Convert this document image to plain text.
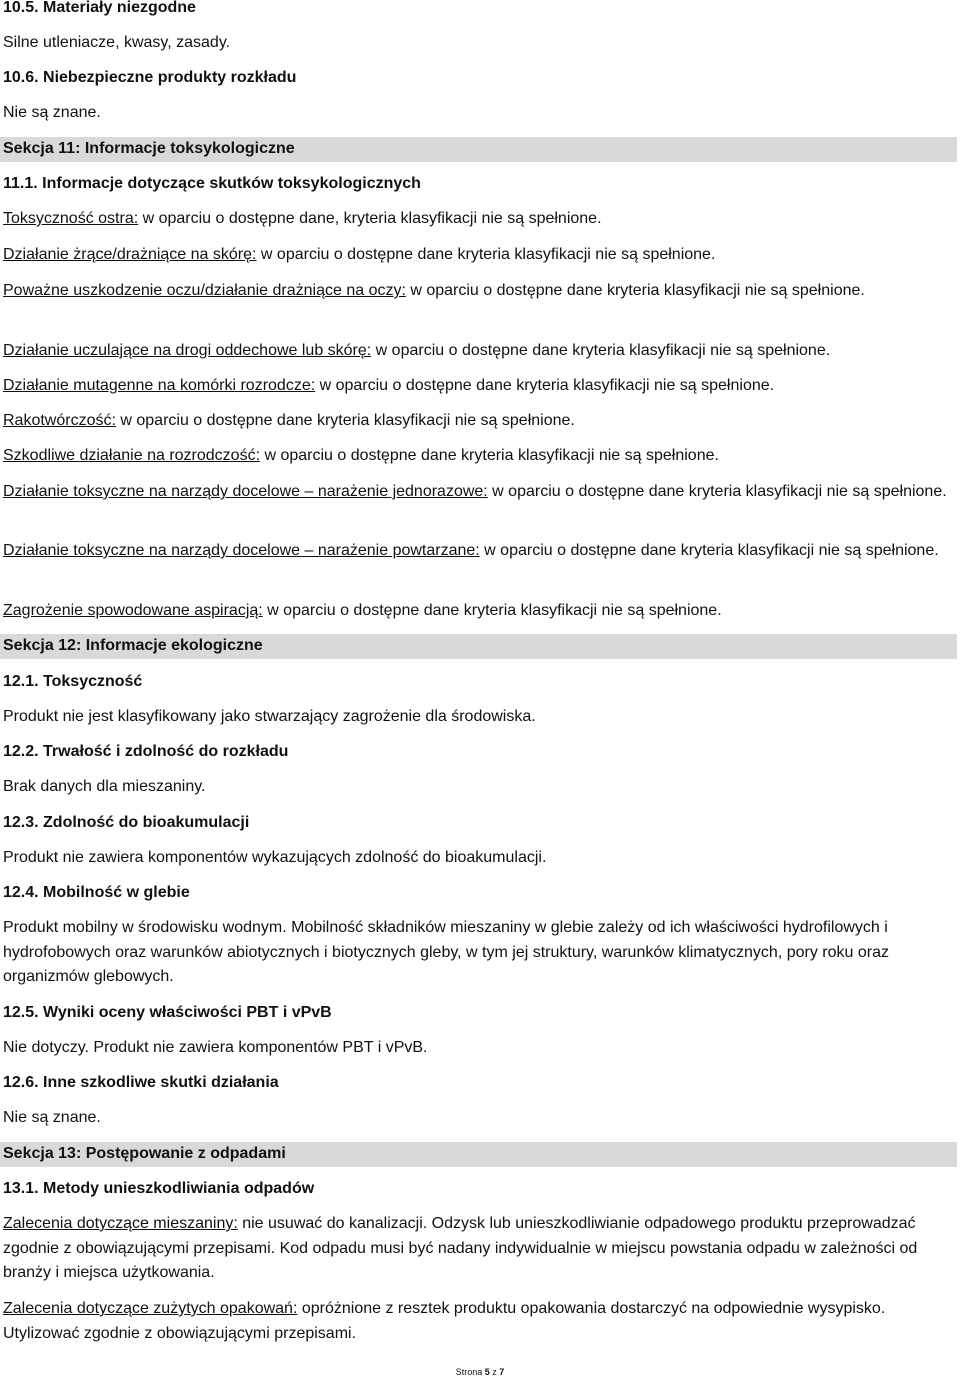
10.5. Materiały niezgodne
Silne utleniacze, kwasy, zasady.
10.6. Niebezpieczne produkty rozkładu
Nie są znane.
Sekcja 11: Informacje toksykologiczne
11.1. Informacje dotyczące skutków toksykologicznych
Toksyczność ostra: w oparciu o dostępne dane, kryteria klasyfikacji nie są spełnione.
Działanie żrące/drażniące na skórę: w oparciu o dostępne dane kryteria klasyfikacji nie są spełnione.
Poważne uszkodzenie oczu/działanie drażniące na oczy: w oparciu o dostępne dane kryteria klasyfikacji nie są spełnione.
Działanie uczulające na drogi oddechowe lub skórę: w oparciu o dostępne dane kryteria klasyfikacji nie są spełnione.
Działanie mutagenne na komórki rozrodcze: w oparciu o dostępne dane kryteria klasyfikacji nie są spełnione.
Rakotwórczość: w oparciu o dostępne dane kryteria klasyfikacji nie są spełnione.
Szkodliwe działanie na rozrodczość: w oparciu o dostępne dane kryteria klasyfikacji nie są spełnione.
Działanie toksyczne na narządy docelowe – narażenie jednorazowe: w oparciu o dostępne dane kryteria klasyfikacji nie są spełnione.
Działanie toksyczne na narządy docelowe – narażenie powtarzane: w oparciu o dostępne dane kryteria klasyfikacji nie są spełnione.
Zagrożenie spowodowane aspiracją: w oparciu o dostępne dane kryteria klasyfikacji nie są spełnione.
Sekcja 12: Informacje ekologiczne
12.1. Toksyczność
Produkt nie jest klasyfikowany jako stwarzający zagrożenie dla środowiska.
12.2. Trwałość i zdolność do rozkładu
Brak danych dla mieszaniny.
12.3. Zdolność do bioakumulacji
Produkt nie zawiera komponentów wykazujących zdolność do bioakumulacji.
12.4. Mobilność w glebie
Produkt mobilny w środowisku wodnym. Mobilność składników mieszaniny w glebie zależy od ich właściwości hydrofilowych i hydrofobowych oraz warunków abiotycznych i biotycznych gleby, w tym jej struktury, warunków klimatycznych, pory roku oraz organizmów glebowych.
12.5. Wyniki oceny właściwości PBT i vPvB
Nie dotyczy. Produkt nie zawiera komponentów PBT i vPvB.
12.6. Inne szkodliwe skutki działania
Nie są znane.
Sekcja 13: Postępowanie z odpadami
13.1. Metody unieszkodliwiania odpadów
Zalecenia dotyczące mieszaniny: nie usuwać do kanalizacji. Odzysk lub unieszkodliwianie odpadowego produktu przeprowadzać zgodnie z obowiązującymi przepisami. Kod odpadu musi być nadany indywidualnie w miejscu powstania odpadu w zależności od branży i miejsca użytkowania.
Zalecenia dotyczące zużytych opakowań: opróżnione z resztek produktu opakowania dostarczyć na odpowiednie wysypisko. Utylizować zgodnie z obowiązującymi przepisami.
Strona 5 z 7
